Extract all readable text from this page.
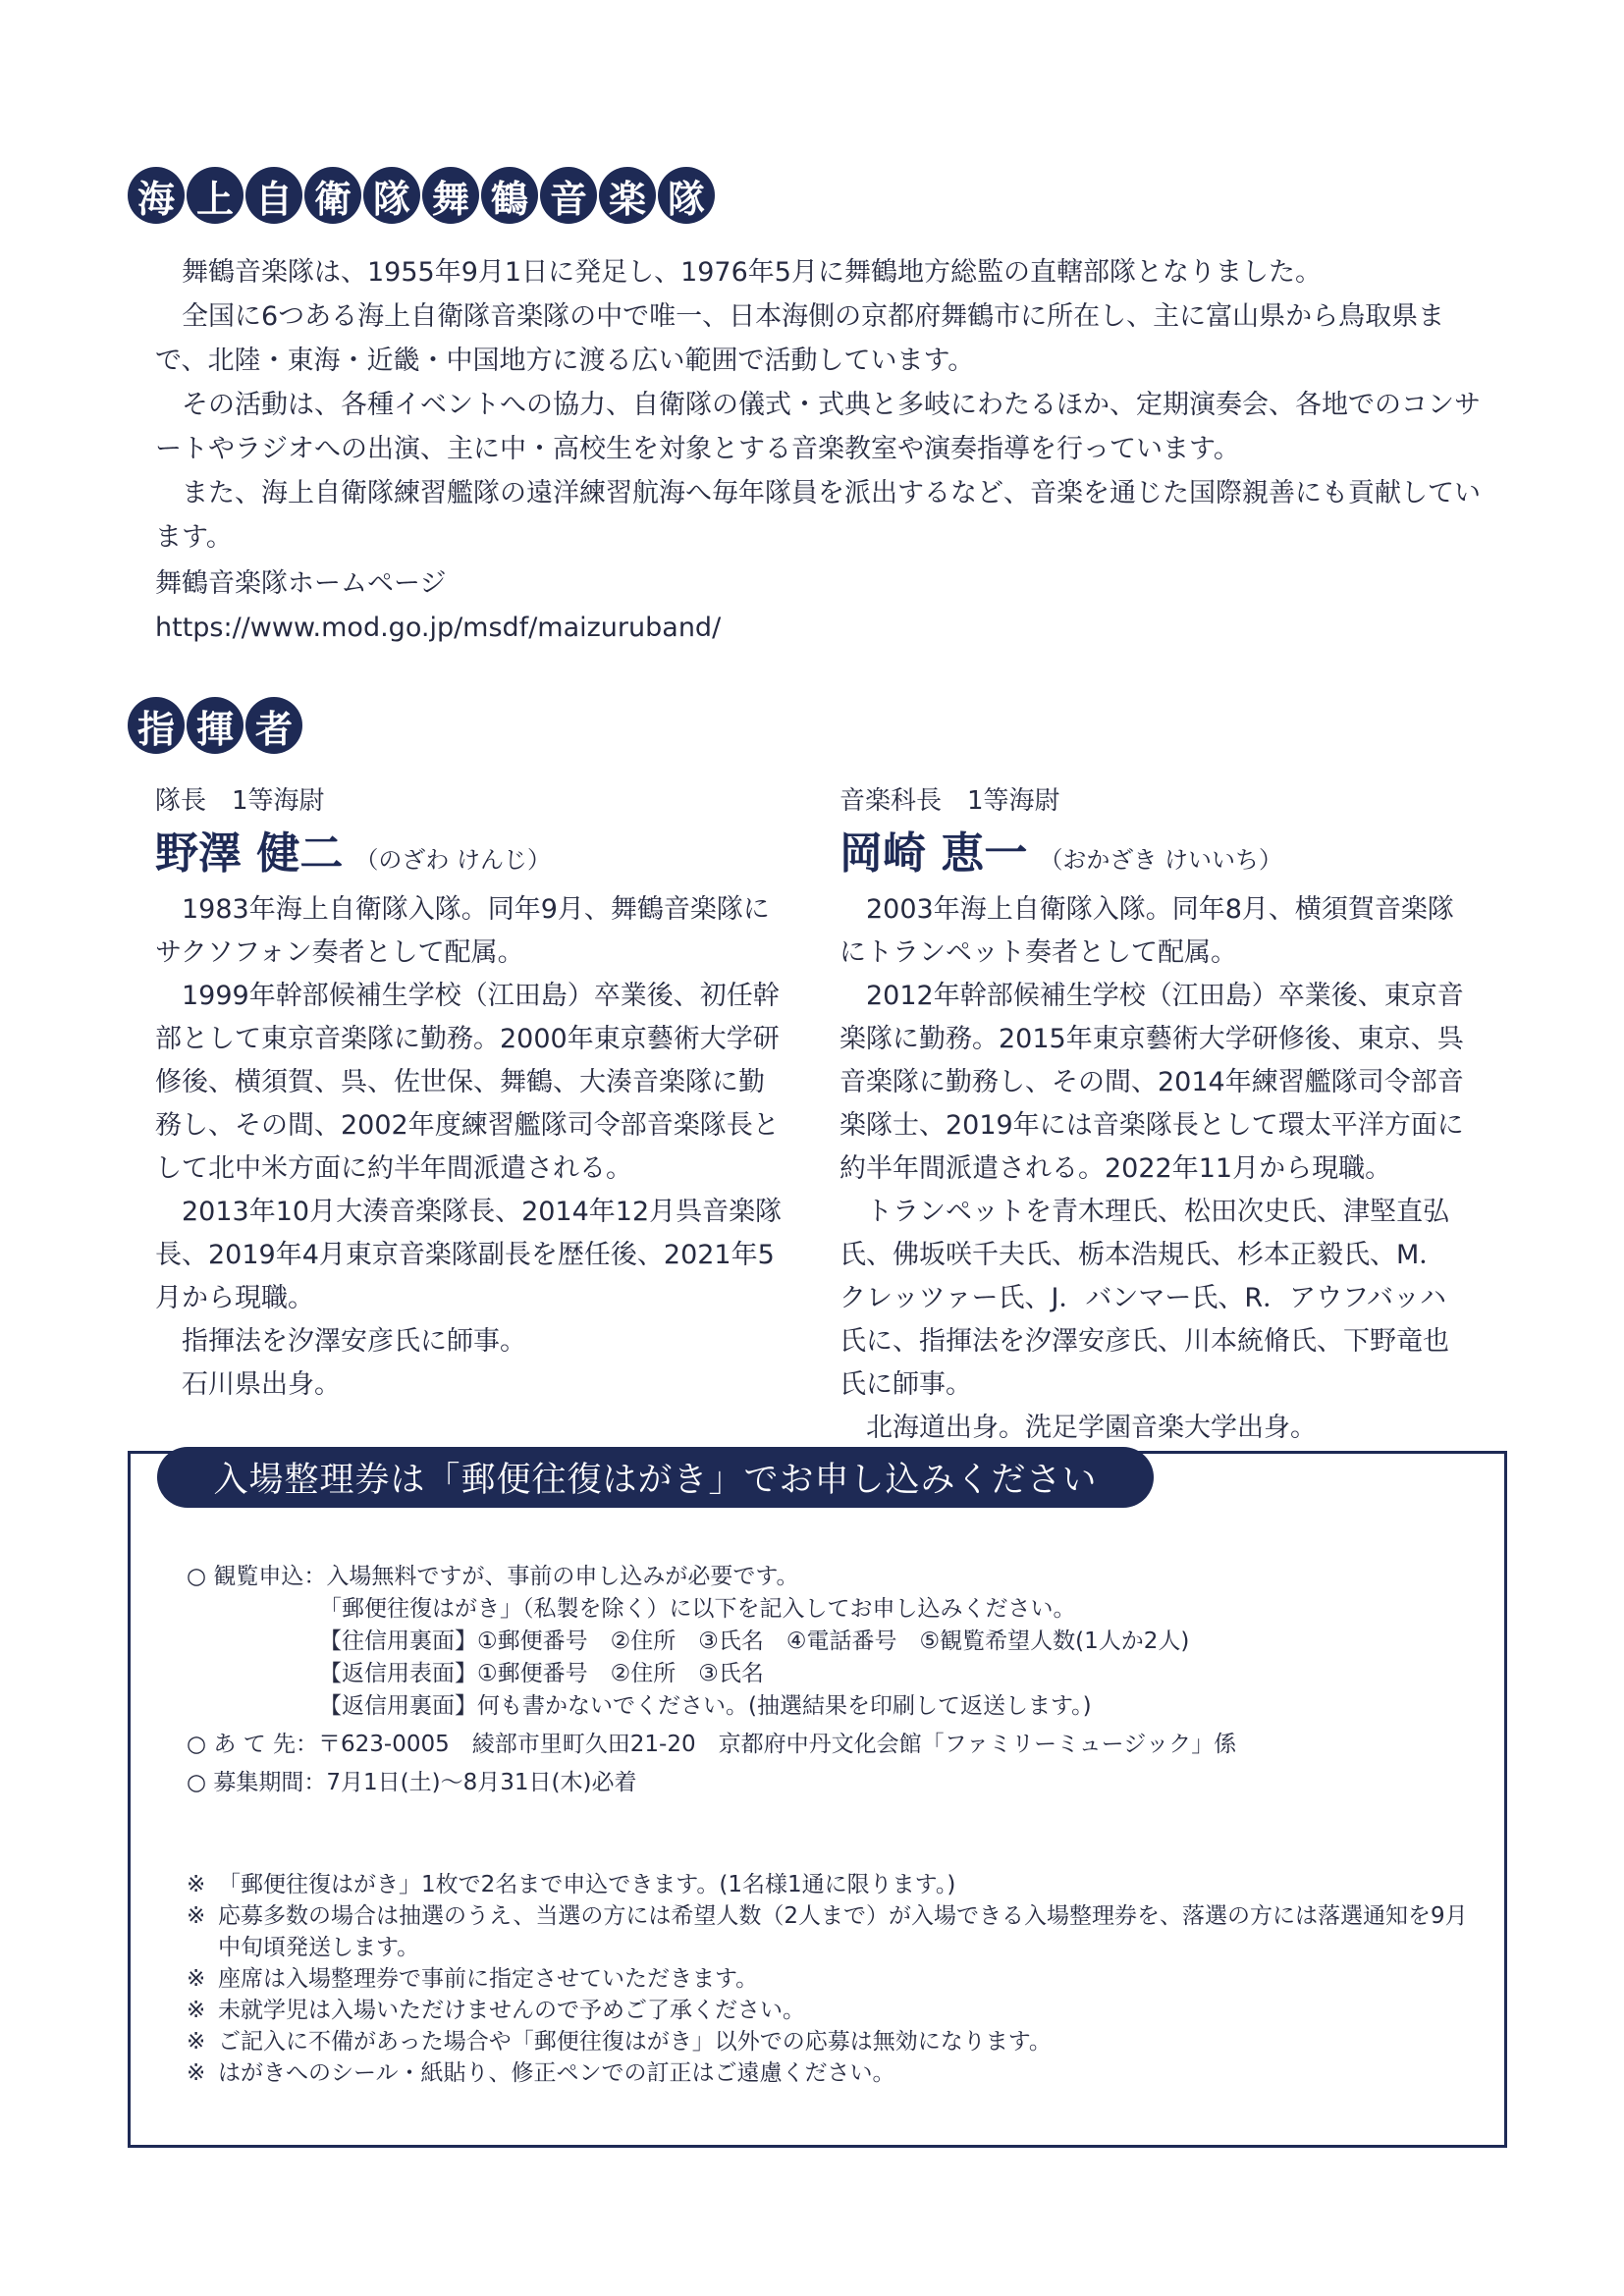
海 上 自 衛 隊 舞 鶴 音 楽 隊

舞鶴音楽隊は、1955年9月1日に発足し、1976年5月に舞鶴地方総監の直轄部隊となりました。

全国に6つある海上自衛隊音楽隊の中で唯一、日本海側の京都府舞鶴市に所在し、主に富山県から鳥取県まで、北陸・東海・近畿・中国地方に渡る広い範囲で活動しています。

その活動は、各種イベントへの協力、自衛隊の儀式・式典と多岐にわたるほか、定期演奏会、各地でのコンサートやラジオへの出演、主に中・高校生を対象とする音楽教室や演奏指導を行っています。

また、海上自衛隊練習艦隊の遠洋練習航海へ毎年隊員を派出するなど、音楽を通じた国際親善にも貢献しています。

舞鶴音楽隊ホームページ
https://www.mod.go.jp/msdf/maizuruband/
指 揮 者
隊長　1等海尉
野澤 健二 （のざわ けんじ）

1983年海上自衛隊入隊。同年9月、舞鶴音楽隊にサクソフォン奏者として配属。

1999年幹部候補生学校（江田島）卒業後、初任幹部として東京音楽隊に勤務。2000年東京藝術大学研修後、横須賀、呉、佐世保、舞鶴、大湊音楽隊に勤務し、その間、2002年度練習艦隊司令部音楽隊長として北中米方面に約半年間派遣される。

2013年10月大湊音楽隊長、2014年12月呉音楽隊長、2019年4月東京音楽隊副長を歴任後、2021年5月から現職。

指揮法を汐澤安彦氏に師事。

石川県出身。

音楽科長　1等海尉
岡崎 恵一 （おかざき けいいち）

2003年海上自衛隊入隊。同年8月、横須賀音楽隊にトランペット奏者として配属。

2012年幹部候補生学校（江田島）卒業後、東京音楽隊に勤務。2015年東京藝術大学研修後、東京、呉音楽隊に勤務し、その間、2014年練習艦隊司令部音楽隊士、2019年には音楽隊長として環太平洋方面に約半年間派遣される。2022年11月から現職。

トランペットを青木理氏、松田次史氏、津堅直弘氏、佛坂咲千夫氏、栃本浩規氏、杉本正毅氏、M．クレッツァー氏、J．バンマー氏、R．アウフバッハ氏に、指揮法を汐澤安彦氏、川本統脩氏、下野竜也氏に師事。

北海道出身。洗足学園音楽大学出身。

入場整理券は「郵便往復はがき」でお申し込みください
○ 観覧申込：入場無料ですが、事前の申し込みが必要です。
「郵便往復はがき」（私製を除く）に以下を記入してお申し込みください。
【往信用裏面】①郵便番号　②住所　③氏名　④電話番号　⑤観覧希望人数(1人か2人)
【返信用表面】①郵便番号　②住所　③氏名
【返信用裏面】何も書かないでください。(抽選結果を印刷して返送します。)
○ あ て 先：〒623-0005　綾部市里町久田21-20　京都府中丹文化会館「ファミリーミュージック」係
○ 募集期間：7月1日(土)～8月31日(木)必着
※ 「郵便往復はがき」1枚で2名まで申込できます。(1名様1通に限ります。)
※ 応募多数の場合は抽選のうえ、当選の方には希望人数（2人まで）が入場できる入場整理券を、落選の方には落選通知を9月中旬頃発送します。
※ 座席は入場整理券で事前に指定させていただきます。
※ 未就学児は入場いただけませんので予めご了承ください。
※ ご記入に不備があった場合や「郵便往復はがき」以外での応募は無効になります。
※ はがきへのシール・紙貼り、修正ペンでの訂正はご遠慮ください。
